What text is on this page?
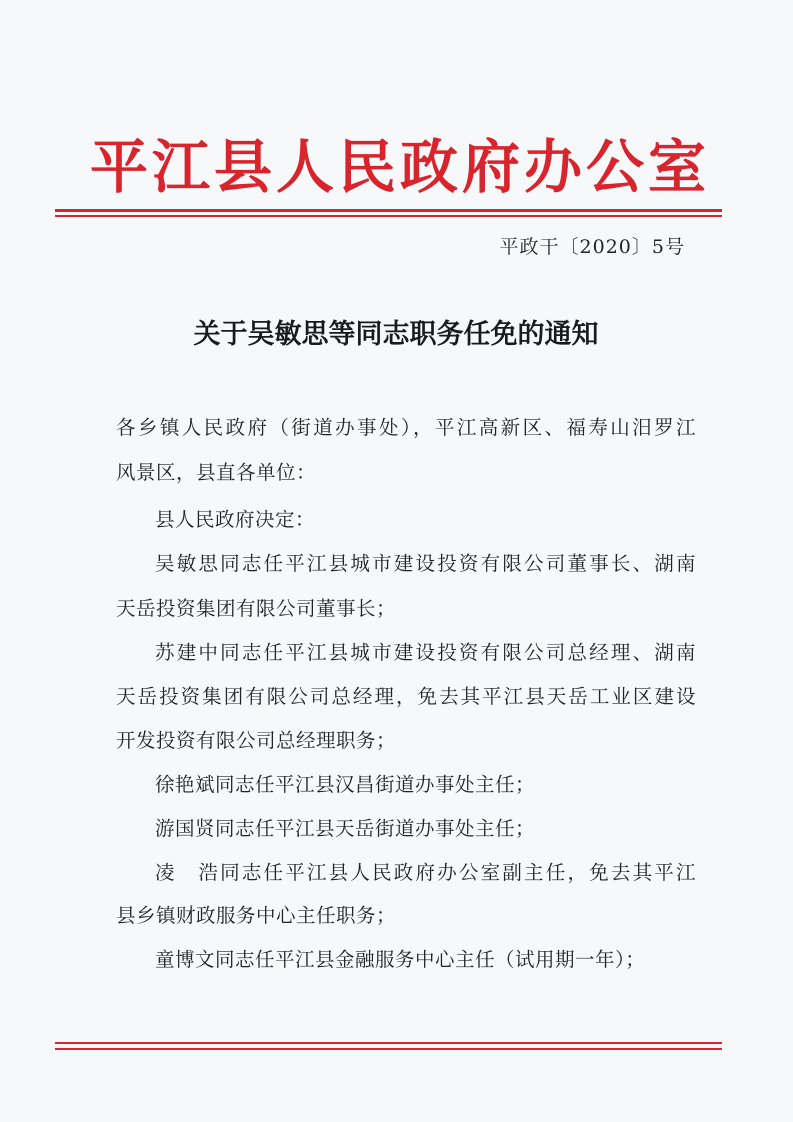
平江县人民政府办公室
平政干〔2020〕5号
关于吴敏思等同志职务任免的通知
各乡镇人民政府（街道办事处），平江高新区、福寿山汨罗江
风景区，县直各单位：
县人民政府决定：
吴敏思同志任平江县城市建设投资有限公司董事长、湖南
天岳投资集团有限公司董事长；
苏建中同志任平江县城市建设投资有限公司总经理、湖南
天岳投资集团有限公司总经理，免去其平江县天岳工业区建设
开发投资有限公司总经理职务；
徐艳斌同志任平江县汉昌街道办事处主任；
游国贤同志任平江县天岳街道办事处主任；
凌　浩同志任平江县人民政府办公室副主任，免去其平江
县乡镇财政服务中心主任职务；
童博文同志任平江县金融服务中心主任（试用期一年）；
